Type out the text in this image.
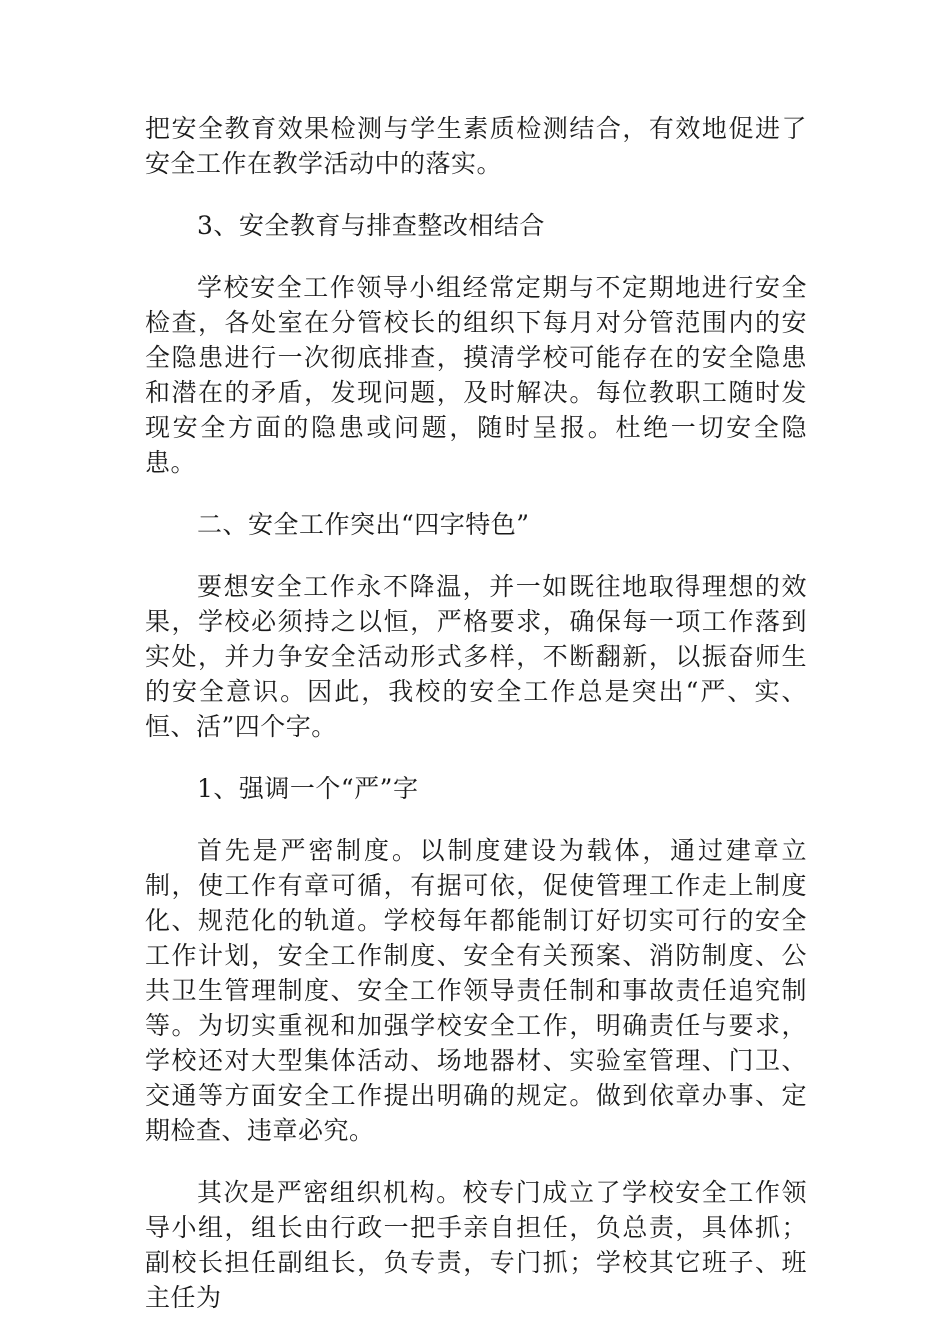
把安全教育效果检测与学生素质检测结合，有效地促进了安全工作在教学活动中的落实。

3、安全教育与排查整改相结合

学校安全工作领导小组经常定期与不定期地进行安全检查，各处室在分管校长的组织下每月对分管范围内的安全隐患进行一次彻底排查，摸清学校可能存在的安全隐患和潜在的矛盾，发现问题，及时解决。每位教职工随时发现安全方面的隐患或问题，随时呈报。杜绝一切安全隐患。

二、安全工作突出“四字特色”

要想安全工作永不降温，并一如既往地取得理想的效果，学校必须持之以恒，严格要求，确保每一项工作落到实处，并力争安全活动形式多样，不断翻新，以振奋师生的安全意识。因此，我校的安全工作总是突出“严、实、恒、活”四个字。

1、强调一个“严”字

首先是严密制度。以制度建设为载体，通过建章立制，使工作有章可循，有据可依，促使管理工作走上制度化、规范化的轨道。学校每年都能制订好切实可行的安全工作计划，安全工作制度、安全有关预案、消防制度、公共卫生管理制度、安全工作领导责任制和事故责任追究制等。为切实重视和加强学校安全工作，明确责任与要求，学校还对大型集体活动、场地器材、实验室管理、门卫、交通等方面安全工作提出明确的规定。做到依章办事、定期检查、违章必究。

其次是严密组织机构。校专门成立了学校安全工作领导小组，组长由行政一把手亲自担任，负总责，具体抓；副校长担任副组长，负专责，专门抓；学校其它班子、班主任为
